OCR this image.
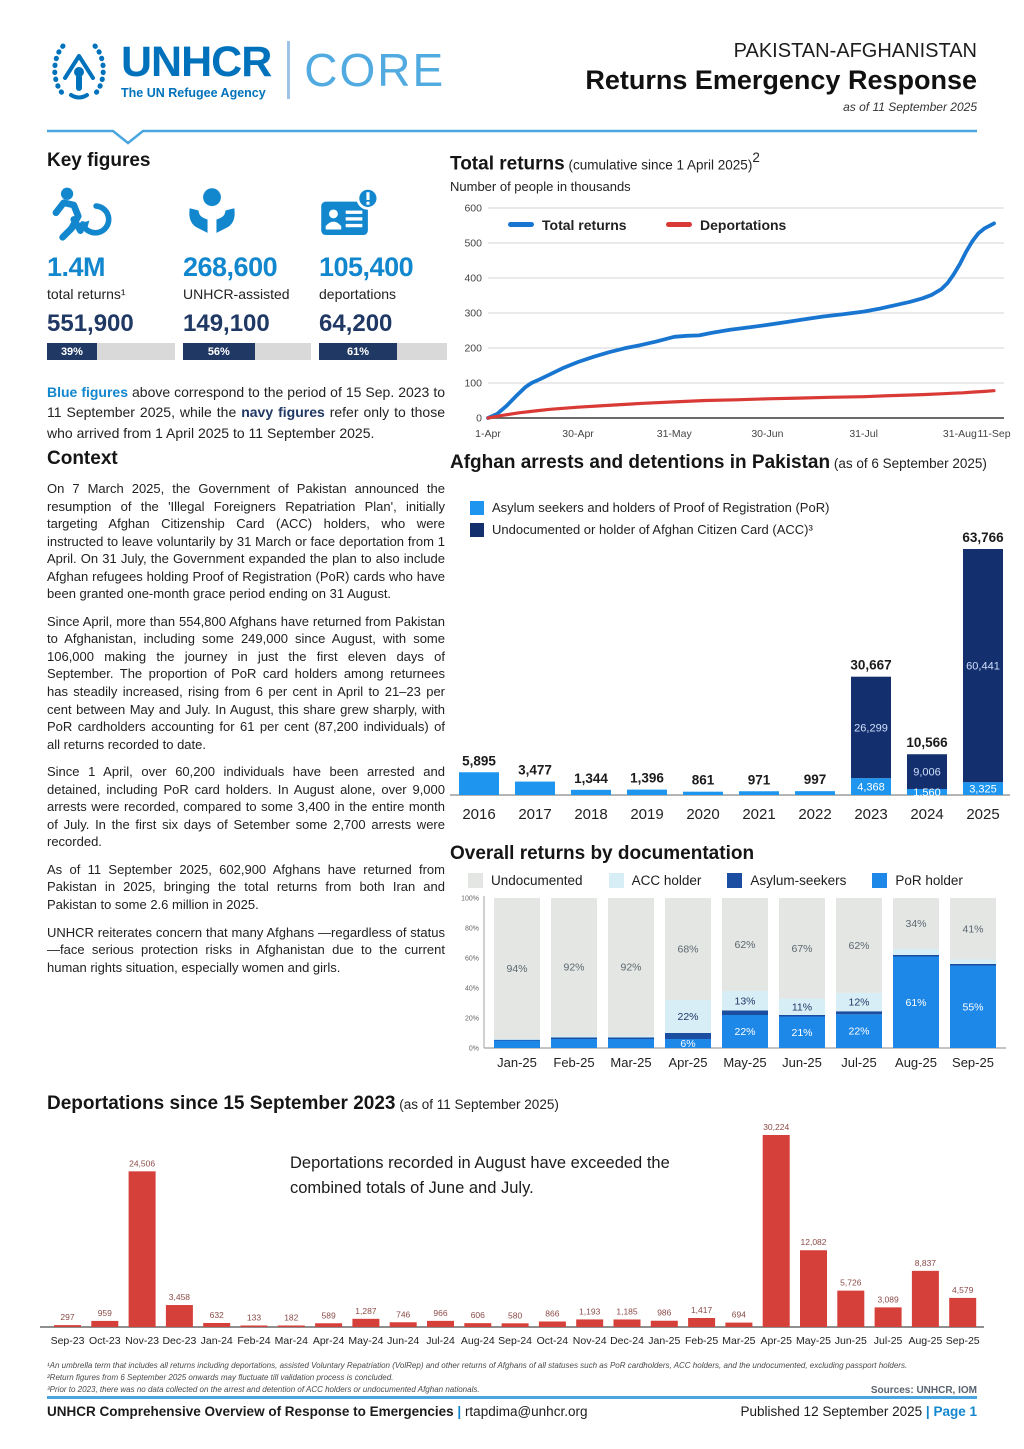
UNHCR
The UN Refugee Agency CORE	PAKISTAN-AFGHANISTAN
Returns Emergency Response
as of 11 September 2025
Key figures
1.4M
total returns¹
551,900
39%
268,600
UNHCR-assisted
149,100
56%
105,400
deportations
64,200
61%
Blue figures above correspond to the period of 15 Sep. 2023 to 11 September 2025, while the navy figures refer only to those who arrived from 1 April 2025 to 11 September 2025.
Total returns (cumulative since 1 April 2025)$^2$
Number of people in thousands
0
100
200
300
400
500
600
1-Apr	30-Apr	31-May	30-Jun	31-Jul	31-Aug 11-Sep
Total returns	Deportations
Context

On 7 March 2025, the Government of Pakistan announced the resumption of the 'Illegal Foreigners Repatriation Plan', initially targeting Afghan Citizenship Card (ACC) holders, who were instructed to leave voluntarily by 31 March or face deportation from 1 April. On 31 July, the Government expanded the plan to also include Afghan refugees holding Proof of Registration (PoR) cards who have been granted one-month grace period ending on 31 August.

Since April, more than 554,800 Afghans have returned from Pakistan to Afghanistan, including some 249,000 since August, with some 106,000 making the journey in just the first eleven days of September. The proportion of PoR card holders among returnees has steadily increased, rising from 6 per cent in April to 21–23 per cent between May and July. In August, this share grew sharply, with PoR cardholders accounting for 61 per cent (87,200 individuals) of all returns recorded to date.

Since 1 April, over 60,200 individuals have been arrested and detained, including PoR card holders. In August alone, over 9,000 arrests were recorded, compared to some 3,400 in the entire month of July. In the first six days of Setember some 2,700 arrests were recorded.

As of 11 September 2025, 602,900 Afghans have returned from Pakistan in 2025, bringing the total returns from both Iran and Pakistan to some 2.6 million in 2025.

UNHCR reiterates concern that many Afghans —regardless of status—face serious protection risks in Afghanistan due to the current human rights situation, especially women and girls.

Afghan arrests and detentions in Pakistan (as of 6 September 2025)
Asylum seekers and holders of Proof of Registration (PoR)
Undocumented or holder of Afghan Citizen Card (ACC)³
5,895
2016
3,477
2017
1,344
2018
1,396
2019
861
2020
971
2021
997
2022
30,667
26,299
4,368
2023
10,566
9,006
1,560
2024
63,766
60,441
3,325
2025
Overall returns by documentation
Undocumented	ACC holder	Asylum-seekers	PoR holder
0%
20%
40%
60%
80%
100%
94%
Jan-25
92%
Feb-25
92%
Mar-25
6%
22%
68%
Apr-25
22%
13%
62%
May-25
21%
11%
67%
Jun-25
22%
12%
62%
Jul-25
61%
34%
Aug-25
55%
41%
Sep-25
Deportations since 15 September 2023 (as of 11 September 2025)
Deportations recorded in August have exceeded the combined totals of June and July.
297
Sep-23
959
Oct-23
24,506
Nov-23
3,458
Dec-23
632
Jan-24
133
Feb-24
182
Mar-24
589
Apr-24
1,287
May-24
746
Jun-24
966
Jul-24
606
Aug-24
580
Sep-24
866
Oct-24
1,193
Nov-24
1,185
Dec-24
986
Jan-25
1,417
Feb-25
694
Mar-25
30,224
Apr-25
12,082
May-25
5,726
Jun-25
3,089
Jul-25
8,837
Aug-25
4,579
Sep-25
¹An umbrella term that includes all returns including deportations, assisted Voluntary Repatriation (VolRep) and other returns of Afghans of all statuses such as PoR cardholders, ACC holders, and the undocumented, excluding passport holders.
²Return figures from 6 September 2025 onwards may fluctuate till validation process is concluded.
³Prior to 2023, there was no data collected on the arrest and detention of ACC holders or undocumented Afghan nationals.	Sources: UNHCR, IOM
UNHCR Comprehensive Overview of Response to Emergencies | rtapdima@unhcr.org	Published 12 September 2025 | Page 1
